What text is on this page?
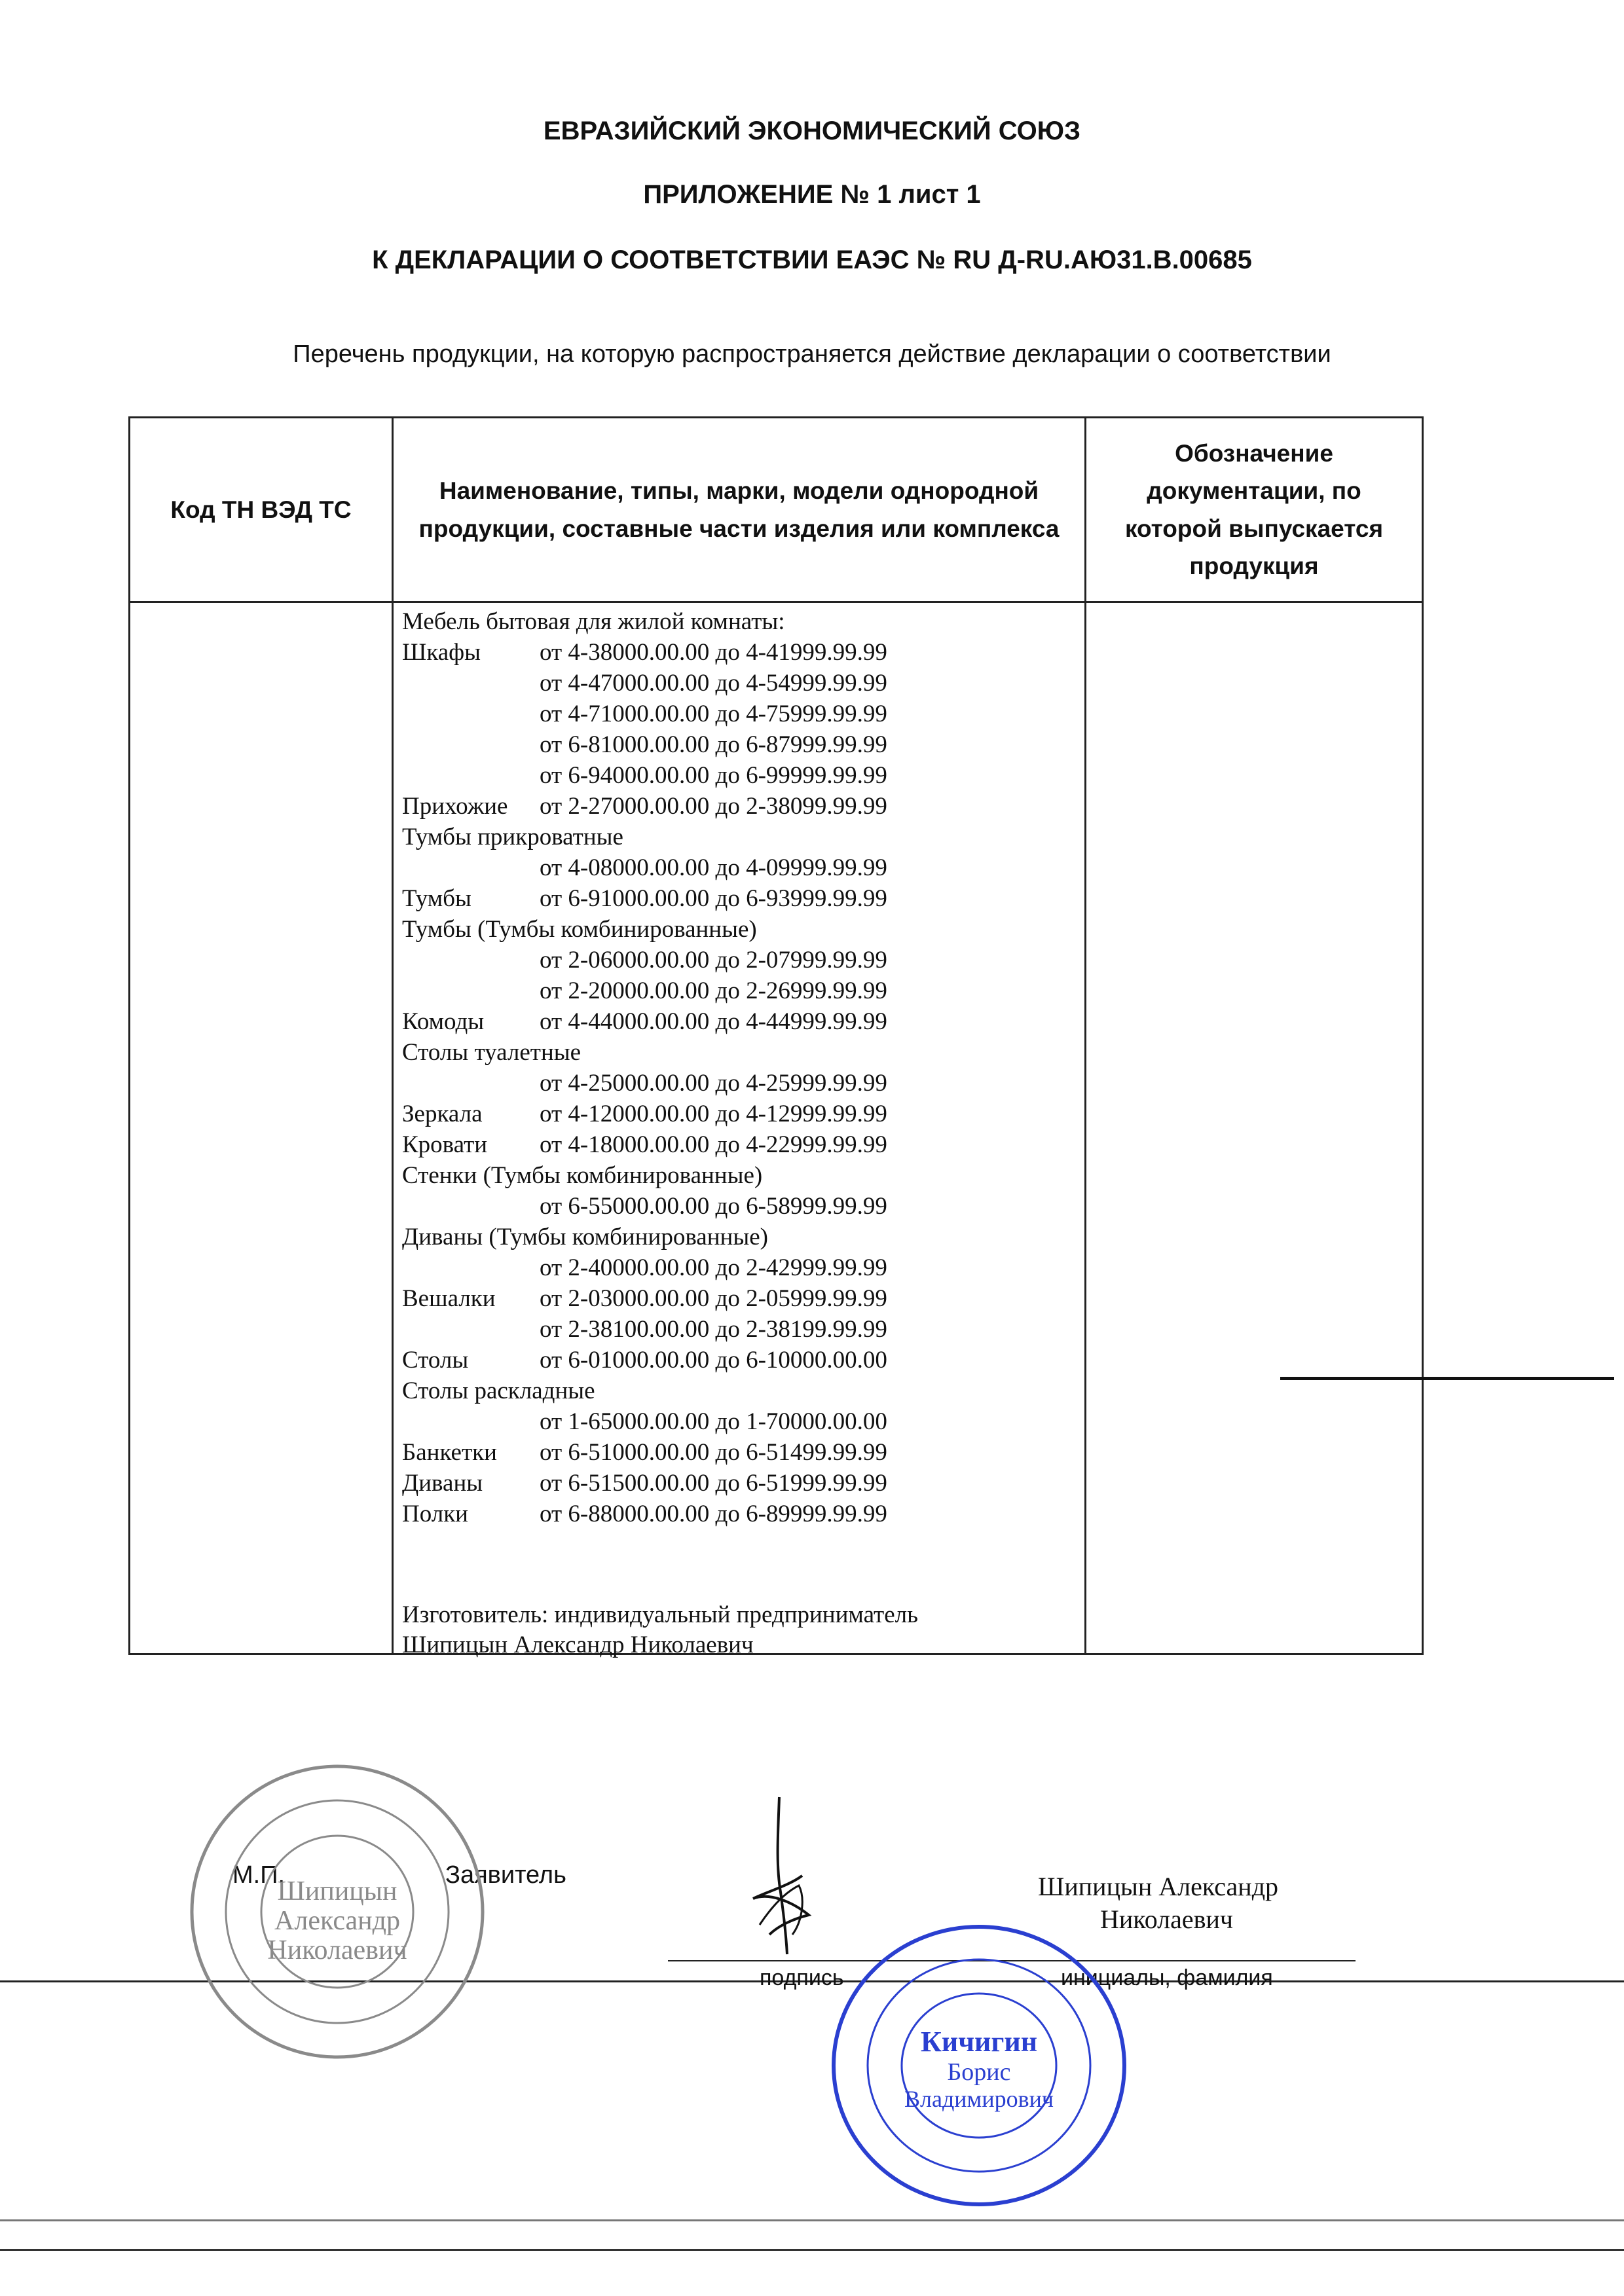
ЕВРАЗИЙСКИЙ ЭКОНОМИЧЕСКИЙ СОЮЗ
ПРИЛОЖЕНИЕ № 1 лист 1
К ДЕКЛАРАЦИИ О СООТВЕТСТВИИ ЕАЭС № RU Д-RU.АЮ31.В.00685
Перечень продукции, на которую распространяется действие декларации о соответствии
Код ТН ВЭД ТС
Наименование, типы, марки, модели однородной продукции, составные части изделия или комплекса
Обозначение документации, по которой выпускается продукция
Мебель бытовая для жилой комнаты:
Шкафы от 4-38000.00.00 до 4-41999.99.99
от 4-47000.00.00 до 4-54999.99.99
от 4-71000.00.00 до 4-75999.99.99
от 6-81000.00.00 до 6-87999.99.99
от 6-94000.00.00 до 6-99999.99.99
Прихожие от 2-27000.00.00 до 2-38099.99.99
Тумбы прикроватные
от 4-08000.00.00 до 4-09999.99.99
Тумбы	от 6-91000.00.00 до 6-93999.99.99
Тумбы (Тумбы комбинированные)
от 2-06000.00.00 до 2-07999.99.99
от 2-20000.00.00 до 2-26999.99.99
Комоды от 4-44000.00.00 до 4-44999.99.99
Столы туалетные
от 4-25000.00.00 до 4-25999.99.99
Зеркала от 4-12000.00.00 до 4-12999.99.99
Кровати от 4-18000.00.00 до 4-22999.99.99
Стенки (Тумбы комбинированные)
от 6-55000.00.00 до 6-58999.99.99
Диваны (Тумбы комбинированные)
от 2-40000.00.00 до 2-42999.99.99
Вешалки от 2-03000.00.00 до 2-05999.99.99
от 2-38100.00.00 до 2-38199.99.99
Столы	от 6-01000.00.00 до 6-10000.00.00
Столы раскладные
от 1-65000.00.00 до 1-70000.00.00
Банкетки от 6-51000.00.00 до 6-51499.99.99
Диваны от 6-51500.00.00 до 6-51999.99.99
Полки	от 6-88000.00.00 до 6-89999.99.99
Изготовитель: индивидуальный предприниматель
Шипицын Александр Николаевич
М.П.	Заявитель	Шипицын Александр
Николаевич
подпись	инициалы, фамилия
Шипицын
Александр
Николаевич
Кичигин
Борис
Владимирович
